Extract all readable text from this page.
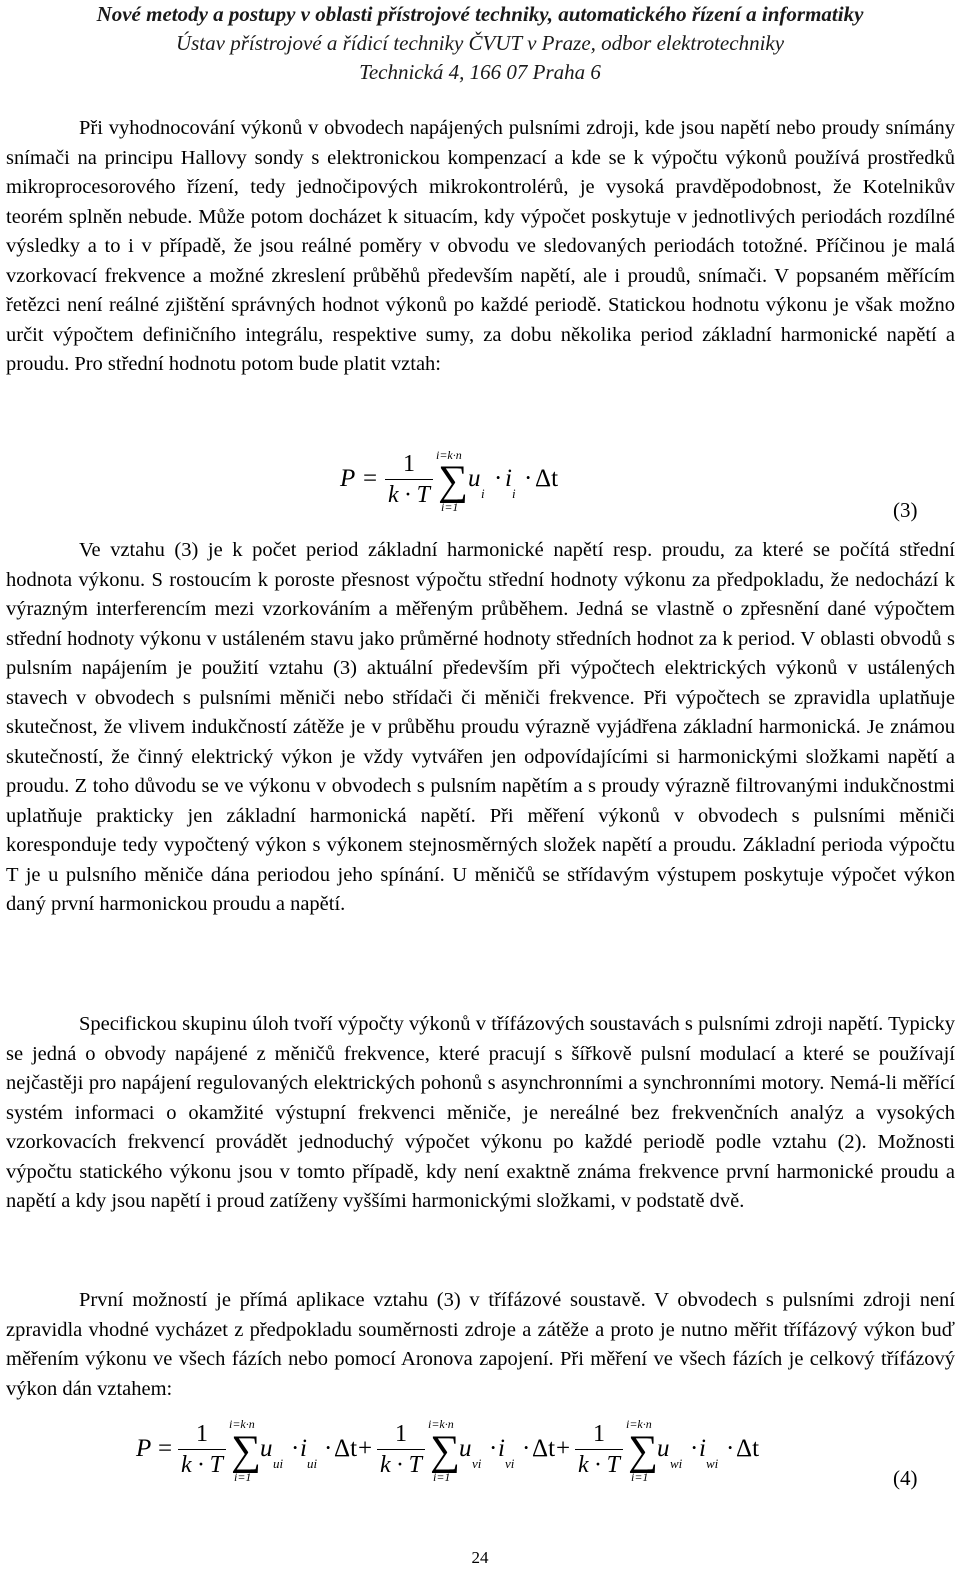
Nové metody a postupy v oblasti přístrojové techniky, automatického řízení a informatiky
Ústav přístrojové a řídicí techniky ČVUT v Praze, odbor elektrotechniky
Technická 4, 166 07 Praha 6

Při vyhodnocování výkonů v obvodech napájených pulsními zdroji, kde jsou napětí nebo proudy snímány snímači na principu Hallovy sondy s elektronickou kompenzací a kde se k výpočtu výkonů používá prostředků mikroprocesorového řízení, tedy jednočipových mikrokontrolérů, je vysoká pravděpodobnost, že Kotelnikův teorém splněn nebude. Může potom docházet k situacím, kdy výpočet poskytuje v jednotlivých periodách rozdílné výsledky a to i v případě, že jsou reálné poměry v obvodu ve sledovaných periodách totožné. Příčinou je malá vzorkovací frekvence a možné zkreslení průběhů především napětí, ale i proudů, snímači. V popsaném měřícím řetězci není reálné zjištění správných hodnot výkonů po každé periodě. Statickou hodnotu výkonu je však možno určit výpočtem definičního integrálu, respektive sumy, za dobu několika period základní harmonické napětí a proudu. Pro střední hodnotu potom bude platit vztah:

P =
1
k · T
i=k·n
∑
i=1
u
i
· i
i
· Δt
(3)

Ve vztahu (3) je k počet period základní harmonické napětí resp. proudu, za které se počítá střední hodnota výkonu. S rostoucím k poroste přesnost výpočtu střední hodnoty výkonu za předpokladu, že nedochází k výrazným interferencím mezi vzorkováním a měřeným průběhem. Jedná se vlastně o zpřesnění dané výpočtem střední hodnoty výkonu v ustáleném stavu jako průměrné hodnoty středních hodnot za k period. V oblasti obvodů s pulsním napájením je použití vztahu (3) aktuální především při výpočtech elektrických výkonů v ustálených stavech v obvodech s pulsními měniči nebo střídači či měniči frekvence. Při výpočtech se zpravidla uplatňuje skutečnost, že vlivem indukčností zátěže je v průběhu proudu výrazně vyjádřena základní harmonická. Je známou skutečností, že činný elektrický výkon je vždy vytvářen jen odpovídajícími si harmonickými složkami napětí a proudu. Z toho důvodu se ve výkonu v obvodech s pulsním napětím a s proudy výrazně filtrovanými indukčnostmi uplatňuje prakticky jen základní harmonická napětí. Při měření výkonů v obvodech s pulsními měniči koresponduje tedy vypočtený výkon s výkonem stejnosměrných složek napětí a proudu. Základní perioda výpočtu T je u pulsního měniče dána periodou jeho spínání. U měničů se střídavým výstupem poskytuje výpočet výkon daný první harmonickou proudu a napětí.

Specifickou skupinu úloh tvoří výpočty výkonů v třífázových soustavách s pulsními zdroji napětí. Typicky se jedná o obvody napájené z měničů frekvence, které pracují s šířkově pulsní modulací a které se používají nejčastěji pro napájení regulovaných elektrických pohonů s asynchronními a synchronními motory. Nemá-li měřící systém informaci o okamžité výstupní frekvenci měniče, je nereálné bez frekvenčních analýz a vysokých vzorkovacích frekvencí provádět jednoduchý výpočet výkonu po každé periodě podle vztahu (2). Možnosti výpočtu statického výkonu jsou v tomto případě, kdy není exaktně známa frekvence první harmonické proudu a napětí a kdy jsou napětí i proud zatíženy vyššími harmonickými složkami, v podstatě dvě.

První možností je přímá aplikace vztahu (3) v třífázové soustavě. V obvodech s pulsními zdroji není zpravidla vhodné vycházet z předpokladu souměrnosti zdroje a zátěže a proto je nutno měřit třífázový výkon buď měřením výkonu ve všech fázích nebo pomocí Aronova zapojení. Při měření ve všech fázích je celkový třífázový výkon dán vztahem:

P =
1
k · T
i=k·n
∑
i=1
u
ui
· i
ui
· Δt +
1
k · T
i=k·n
∑
i=1
u
vi
· i
vi
· Δt +
1
k · T
i=k·n
∑
i=1
u
wi
· i
wi
· Δt
(4)
24
